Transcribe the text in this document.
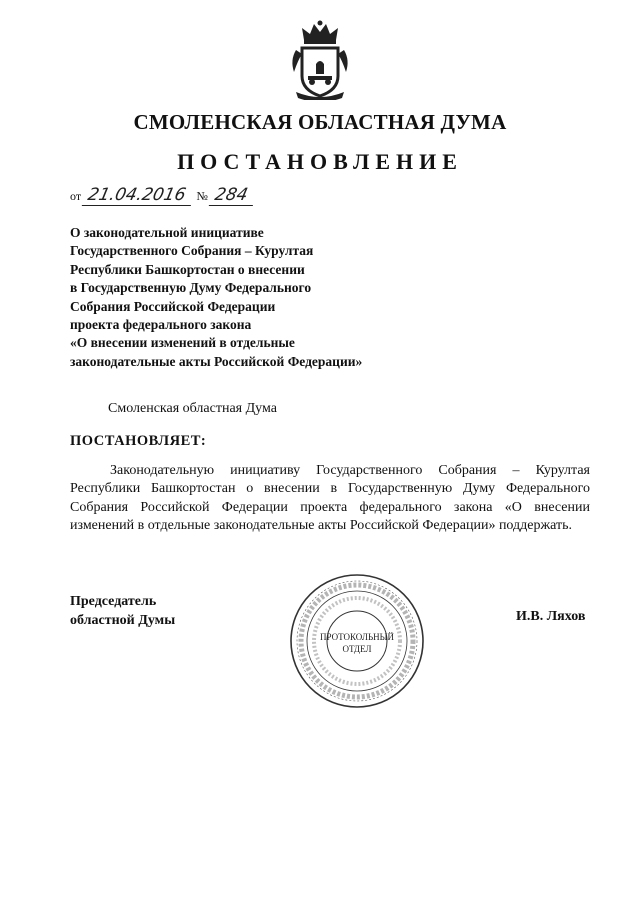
СМОЛЕНСКАЯ ОБЛАСТНАЯ ДУМА
ПОСТАНОВЛЕНИЕ
от 21.04.2016 № 284
О законодательной инициативе
Государственного Собрания – Курултая
Республики Башкортостан о внесении
в Государственную Думу Федерального
Собрания Российской Федерации
проекта федерального закона
«О внесении изменений в отдельные
законодательные акты Российской Федерации»
Смоленская областная Дума
ПОСТАНОВЛЯЕТ:
Законодательную инициативу Государственного Собрания – Курултая Республики Башкортостан о внесении в Государственную Думу Федерального Собрания Российской Федерации проекта федерального закона «О внесении изменений в отдельные законодательные акты Российской Федерации» поддержать.
Председатель
областной Думы	И.В. Ляхов
ПРОТОКОЛЬНЫЙ
ОТДЕЛ
